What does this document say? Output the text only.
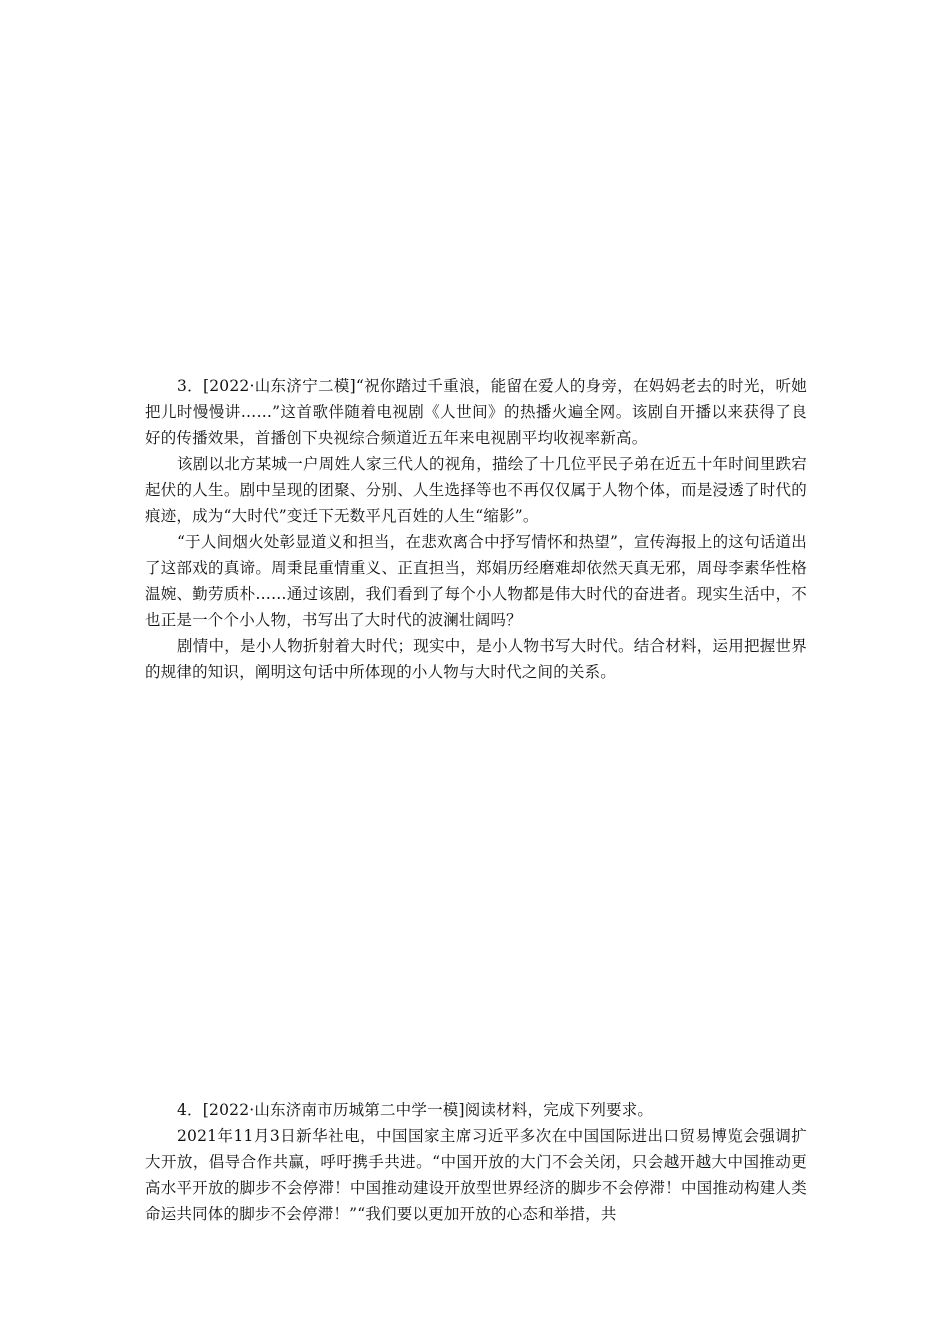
3．[2022·山东济宁二模]“祝你踏过千重浪，能留在爱人的身旁，在妈妈老去的时光，听她把儿时慢慢讲……”这首歌伴随着电视剧《人世间》的热播火遍全网。该剧自开播以来获得了良好的传播效果，首播创下央视综合频道近五年来电视剧平均收视率新高。

该剧以北方某城一户周姓人家三代人的视角，描绘了十几位平民子弟在近五十年时间里跌宕起伏的人生。剧中呈现的团聚、分别、人生选择等也不再仅仅属于人物个体，而是浸透了时代的痕迹，成为“大时代”变迁下无数平凡百姓的人生“缩影”。

“于人间烟火处彰显道义和担当，在悲欢离合中抒写情怀和热望”，宣传海报上的这句话道出了这部戏的真谛。周秉昆重情重义、正直担当，郑娟历经磨难却依然天真无邪，周母李素华性格温婉、勤劳质朴……通过该剧，我们看到了每个小人物都是伟大时代的奋进者。现实生活中，不也正是一个个小人物，书写出了大时代的波澜壮阔吗？

剧情中，是小人物折射着大时代；现实中，是小人物书写大时代。结合材料，运用把握世界的规律的知识，阐明这句话中所体现的小人物与大时代之间的关系。

4．[2022·山东济南市历城第二中学一模]阅读材料，完成下列要求。

2021年11月3日新华社电，中国国家主席习近平多次在中国国际进出口贸易博览会强调扩大开放，倡导合作共赢，呼吁携手共进。“中国开放的大门不会关闭，只会越开越大中国推动更高水平开放的脚步不会停滞！中国推动建设开放型世界经济的脚步不会停滞！中国推动构建人类命运共同体的脚步不会停滞！”“我们要以更加开放的心态和举措，共
